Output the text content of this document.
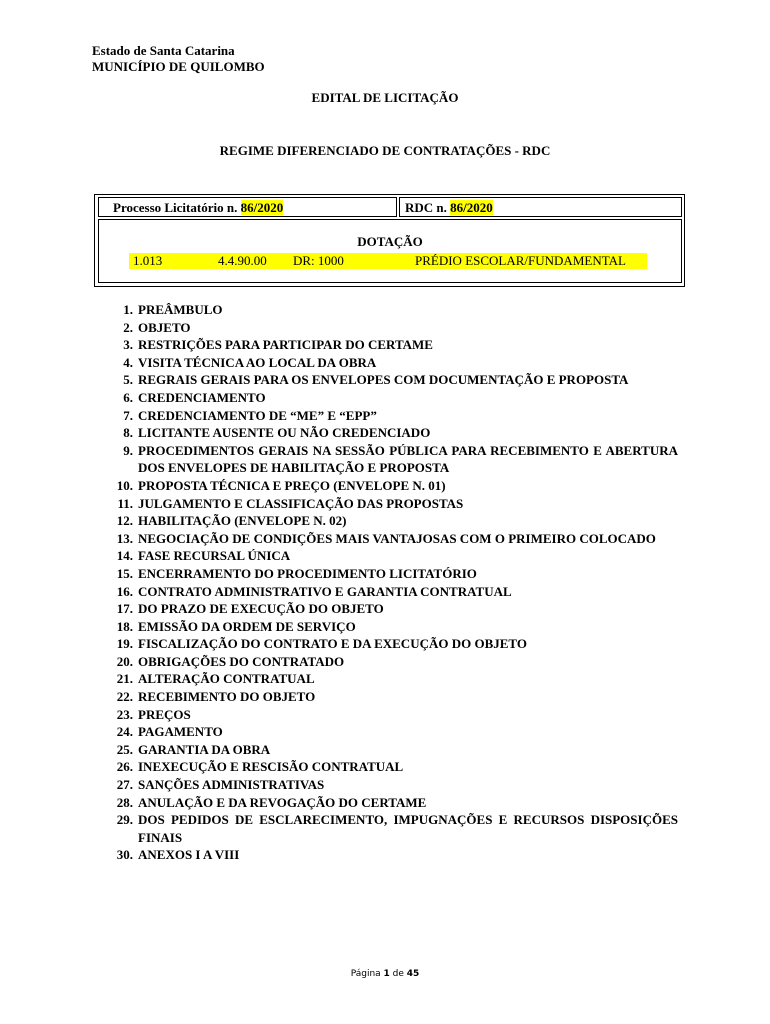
Estado de Santa Catarina
MUNICÍPIO DE QUILOMBO
EDITAL DE LICITAÇÃO
REGIME DIFERENCIADO DE CONTRATAÇÕES - RDC
Processo Licitatório n. 86/2020	RDC n. 86/2020
DOTAÇÃO
1.013	4.4.90.00 DR: 1000	PRÉDIO ESCOLAR/FUNDAMENTAL
1. PREÂMBULO
2. OBJETO
3. RESTRIÇÕES PARA PARTICIPAR DO CERTAME
4. VISITA TÉCNICA AO LOCAL DA OBRA
5. REGRAIS GERAIS PARA OS ENVELOPES COM DOCUMENTAÇÃO E PROPOSTA
6. CREDENCIAMENTO
7. CREDENCIAMENTO DE “ME” E “EPP”
8. LICITANTE AUSENTE OU NÃO CREDENCIADO
9. PROCEDIMENTOS GERAIS NA SESSÃO PÚBLICA PARA RECEBIMENTO E ABERTURA DOS ENVELOPES DE HABILITAÇÃO E PROPOSTA
10. PROPOSTA TÉCNICA E PREÇO (ENVELOPE N. 01)
11. JULGAMENTO E CLASSIFICAÇÃO DAS PROPOSTAS
12. HABILITAÇÃO (ENVELOPE N. 02)
13. NEGOCIAÇÃO DE CONDIÇÕES MAIS VANTAJOSAS COM O PRIMEIRO COLOCADO
14. FASE RECURSAL ÚNICA
15. ENCERRAMENTO DO PROCEDIMENTO LICITATÓRIO
16. CONTRATO ADMINISTRATIVO E GARANTIA CONTRATUAL
17. DO PRAZO DE EXECUÇÃO DO OBJETO
18. EMISSÃO DA ORDEM DE SERVIÇO
19. FISCALIZAÇÃO DO CONTRATO E DA EXECUÇÃO DO OBJETO
20. OBRIGAÇÕES DO CONTRATADO
21. ALTERAÇÃO CONTRATUAL
22. RECEBIMENTO DO OBJETO
23. PREÇOS
24. PAGAMENTO
25. GARANTIA DA OBRA
26. INEXECUÇÃO E RESCISÃO CONTRATUAL
27. SANÇÕES ADMINISTRATIVAS
28. ANULAÇÃO E DA REVOGAÇÃO DO CERTAME
29. DOS PEDIDOS DE ESCLARECIMENTO, IMPUGNAÇÕES E RECURSOS DISPOSIÇÕES FINAIS
30. ANEXOS I A VIII
Página 1 de 45
